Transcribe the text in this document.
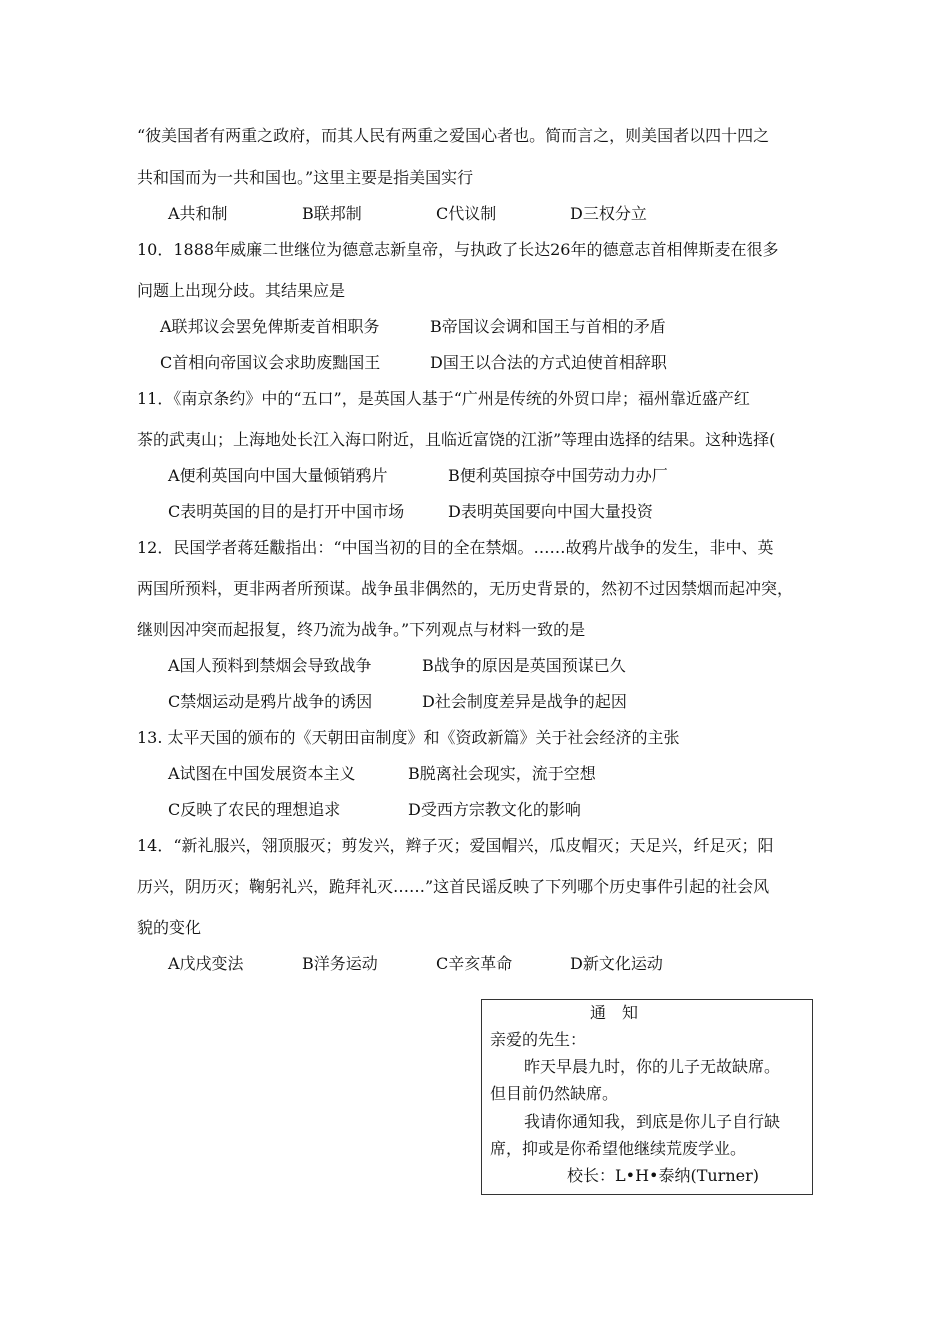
“彼美国者有两重之政府，而其人民有两重之爱国心者也。简而言之，则美国者以四十四之
共和国而为一共和国也。”这里主要是指美国实行
A共和制	B联邦制	C代议制	D三权分立
10．1888年威廉二世继位为德意志新皇帝，与执政了长达26年的德意志首相俾斯麦在很多
问题上出现分歧。其结果应是
A联邦议会罢免俾斯麦首相职务	B帝国议会调和国王与首相的矛盾
C首相向帝国议会求助废黜国王	D国王以合法的方式迫使首相辞职
11．《南京条约》中的“五口”，是英国人基于“广州是传统的外贸口岸；福州靠近盛产红
茶的武夷山；上海地处长江入海口附近，且临近富饶的江浙”等理由选择的结果。这种选择(
A便利英国向中国大量倾销鸦片	B便利英国掠夺中国劳动力办厂
C表明英国的目的是打开中国市场	D表明英国要向中国大量投资
12．民国学者蒋廷黻指出：“中国当初的目的全在禁烟。……故鸦片战争的发生，非中、英
两国所预料，更非两者所预谋。战争虽非偶然的，无历史背景的，然初不过因禁烟而起冲突，
继则因冲突而起报复，终乃流为战争。”下列观点与材料一致的是
A国人预料到禁烟会导致战争	B战争的原因是英国预谋已久
C禁烟运动是鸦片战争的诱因	D社会制度差异是战争的起因
13. 太平天国的颁布的《天朝田亩制度》和《资政新篇》关于社会经济的主张
A试图在中国发展资本主义	B脱离社会现实，流于空想
C反映了农民的理想追求	D受西方宗教文化的影响
14．“新礼服兴，翎顶服灭；剪发兴，辫子灭；爱国帽兴，瓜皮帽灭；天足兴，纤足灭；阳
历兴，阴历灭；鞠躬礼兴，跪拜礼灭……”这首民谣反映了下列哪个历史事件引起的社会风
貌的变化
A戊戌变法	B洋务运动	C辛亥革命	D新文化运动
通　知
亲爱的先生：
昨天早晨九时，你的儿子无故缺席。
但目前仍然缺席。
我请你通知我，到底是你儿子自行缺
席，抑或是你希望他继续荒废学业。
校长：L•H•泰纳(Turner)
